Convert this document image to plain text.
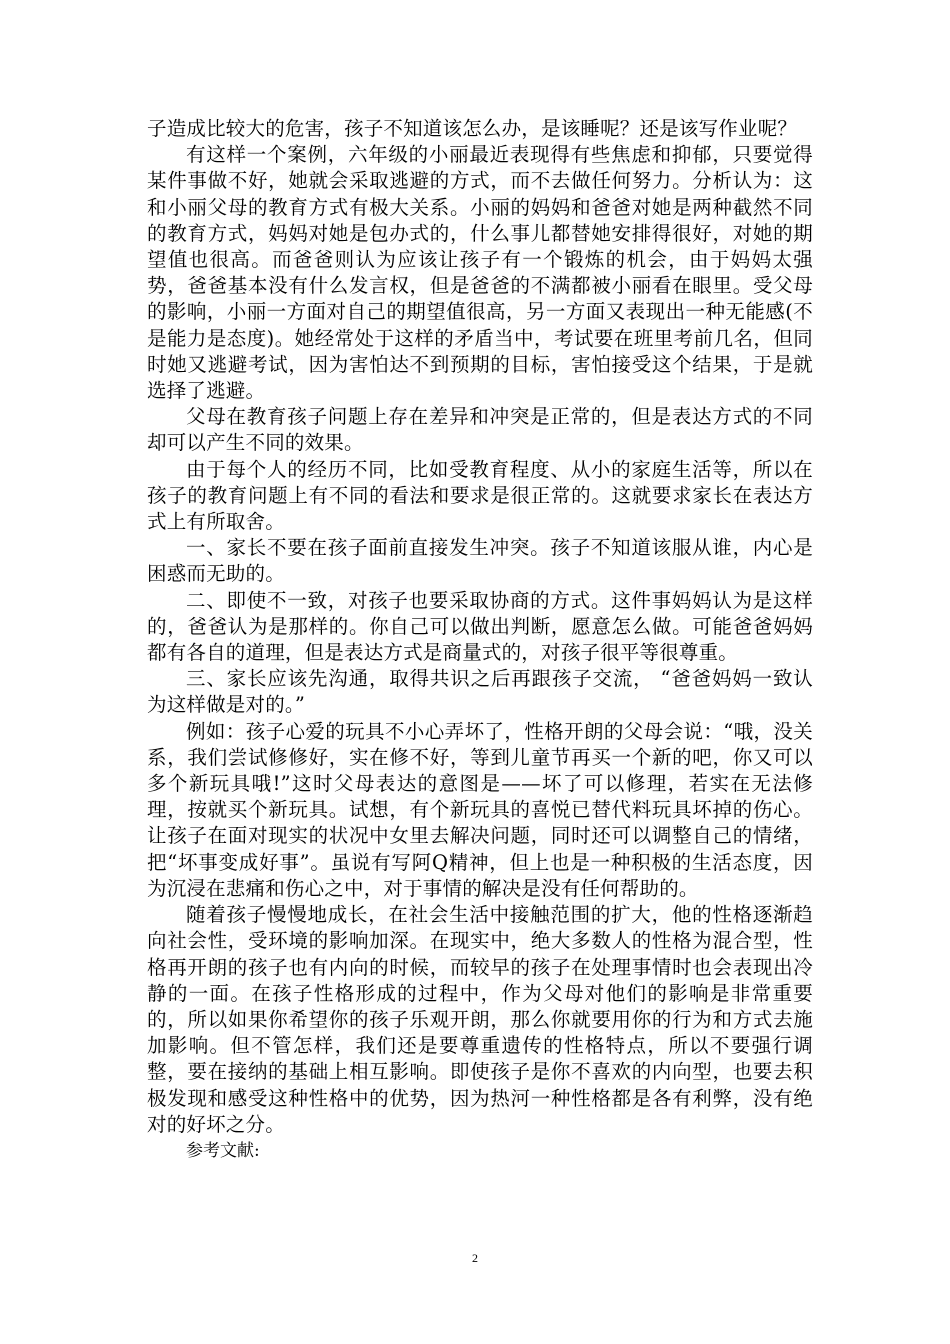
子造成比较大的危害，孩子不知道该怎么办，是该睡呢？还是该写作业呢？

有这样一个案例，六年级的小丽最近表现得有些焦虑和抑郁，只要觉得某件事做不好，她就会采取逃避的方式，而不去做任何努力。分析认为：这和小丽父母的教育方式有极大关系。小丽的妈妈和爸爸对她是两种截然不同的教育方式，妈妈对她是包办式的，什么事儿都替她安排得很好，对她的期望值也很高。而爸爸则认为应该让孩子有一个锻炼的机会，由于妈妈太强势，爸爸基本没有什么发言权，但是爸爸的不满都被小丽看在眼里。受父母的影响，小丽一方面对自己的期望值很高，另一方面又表现出一种无能感(不是能力是态度)。她经常处于这样的矛盾当中，考试要在班里考前几名，但同时她又逃避考试，因为害怕达不到预期的目标，害怕接受这个结果，于是就选择了逃避。

父母在教育孩子问题上存在差异和冲突是正常的，但是表达方式的不同却可以产生不同的效果。

由于每个人的经历不同，比如受教育程度、从小的家庭生活等，所以在孩子的教育问题上有不同的看法和要求是很正常的。这就要求家长在表达方式上有所取舍。

一、家长不要在孩子面前直接发生冲突。孩子不知道该服从谁，内心是困惑而无助的。

二、即使不一致，对孩子也要采取协商的方式。这件事妈妈认为是这样的，爸爸认为是那样的。你自己可以做出判断，愿意怎么做。可能爸爸妈妈都有各自的道理，但是表达方式是商量式的，对孩子很平等很尊重。

三、家长应该先沟通，取得共识之后再跟孩子交流， “爸爸妈妈一致认为这样做是对的。”

例如：孩子心爱的玩具不小心弄坏了，性格开朗的父母会说：“哦，没关系，我们尝试修修好，实在修不好，等到儿童节再买一个新的吧，你又可以多个新玩具哦!”这时父母表达的意图是——坏了可以修理，若实在无法修理，按就买个新玩具。试想，有个新玩具的喜悦已替代料玩具坏掉的伤心。让孩子在面对现实的状况中女里去解决问题，同时还可以调整自己的情绪，把“坏事变成好事”。虽说有写阿Q精神，但上也是一种积极的生活态度，因为沉浸在悲痛和伤心之中，对于事情的解决是没有任何帮助的。

随着孩子慢慢地成长，在社会生活中接触范围的扩大，他的性格逐渐趋向社会性，受环境的影响加深。在现实中，绝大多数人的性格为混合型，性格再开朗的孩子也有内向的时候，而较早的孩子在处理事情时也会表现出冷静的一面。在孩子性格形成的过程中，作为父母对他们的影响是非常重要的，所以如果你希望你的孩子乐观开朗，那么你就要用你的行为和方式去施加影响。但不管怎样，我们还是要尊重遗传的性格特点，所以不要强行调整，要在接纳的基础上相互影响。即使孩子是你不喜欢的内向型，也要去积极发现和感受这种性格中的优势，因为热河一种性格都是各有利弊，没有绝对的好坏之分。

参考文献:

2
